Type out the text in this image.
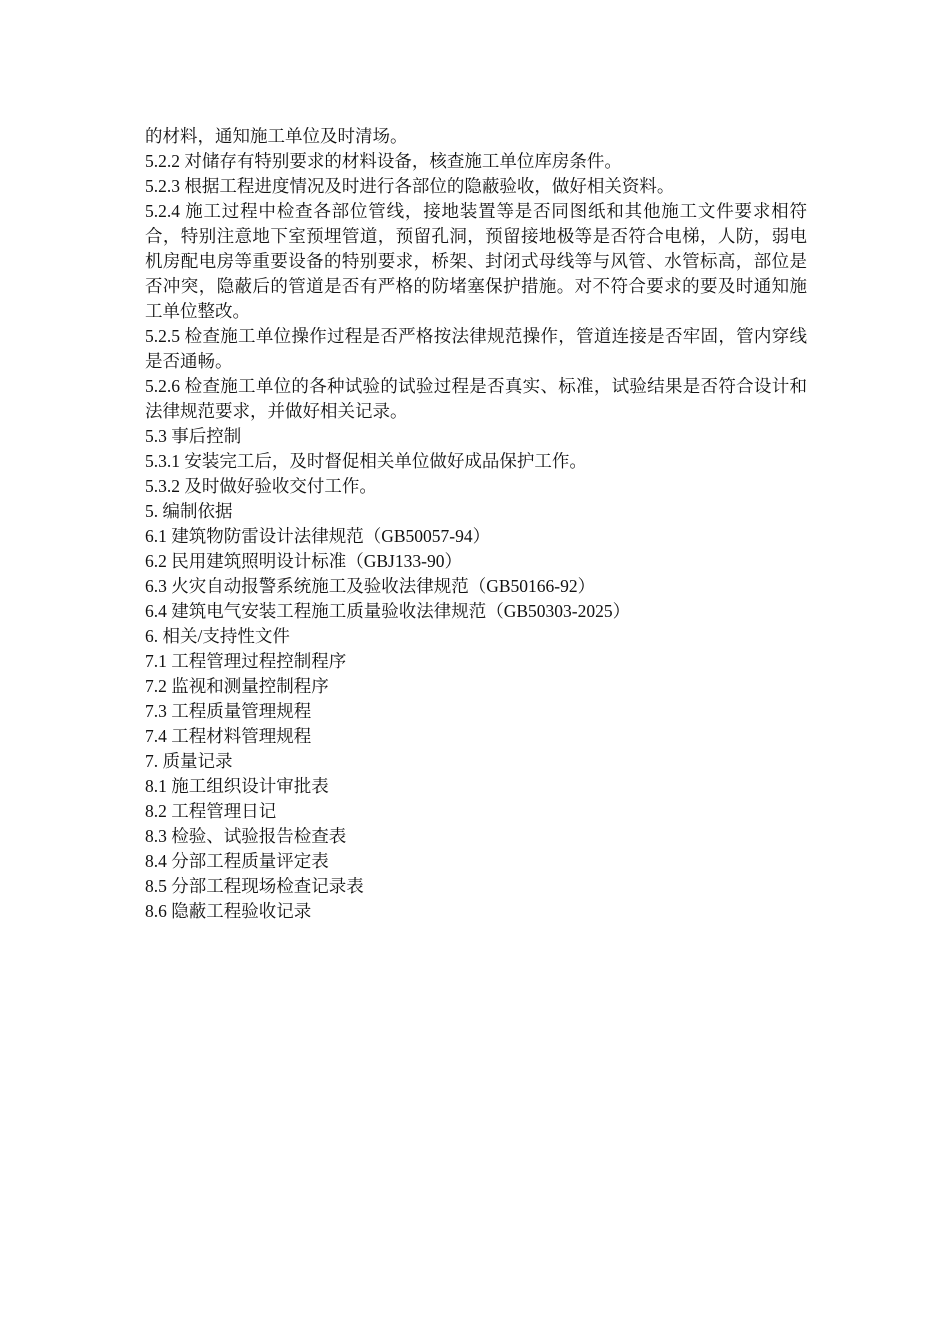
的材料，通知施工单位及时清场。

5.2.2 对储存有特别要求的材料设备，核查施工单位库房条件。

5.2.3 根据工程进度情况及时进行各部位的隐蔽验收，做好相关资料。

5.2.4 施工过程中检查各部位管线，接地装置等是否同图纸和其他施工文件要求相符合，特别注意地下室预埋管道，预留孔洞，预留接地极等是否符合电梯，人防，弱电机房配电房等重要设备的特别要求，桥架、封闭式母线等与风管、水管标高，部位是否冲突，隐蔽后的管道是否有严格的防堵塞保护措施。对不符合要求的要及时通知施工单位整改。

5.2.5 检查施工单位操作过程是否严格按法律规范操作，管道连接是否牢固，管内穿线是否通畅。

5.2.6 检查施工单位的各种试验的试验过程是否真实、标准，试验结果是否符合设计和法律规范要求，并做好相关记录。

5.3 事后控制

5.3.1 安装完工后，及时督促相关单位做好成品保护工作。

5.3.2 及时做好验收交付工作。

5. 编制依据

6.1 建筑物防雷设计法律规范（GB50057-94）

6.2 民用建筑照明设计标准（GBJ133-90）

6.3 火灾自动报警系统施工及验收法律规范（GB50166-92）

6.4 建筑电气安装工程施工质量验收法律规范（GB50303-2025）

6. 相关/支持性文件

7.1 工程管理过程控制程序

7.2 监视和测量控制程序

7.3 工程质量管理规程

7.4 工程材料管理规程

7. 质量记录

8.1 施工组织设计审批表

8.2 工程管理日记

8.3 检验、试验报告检查表

8.4 分部工程质量评定表

8.5 分部工程现场检查记录表

8.6 隐蔽工程验收记录
